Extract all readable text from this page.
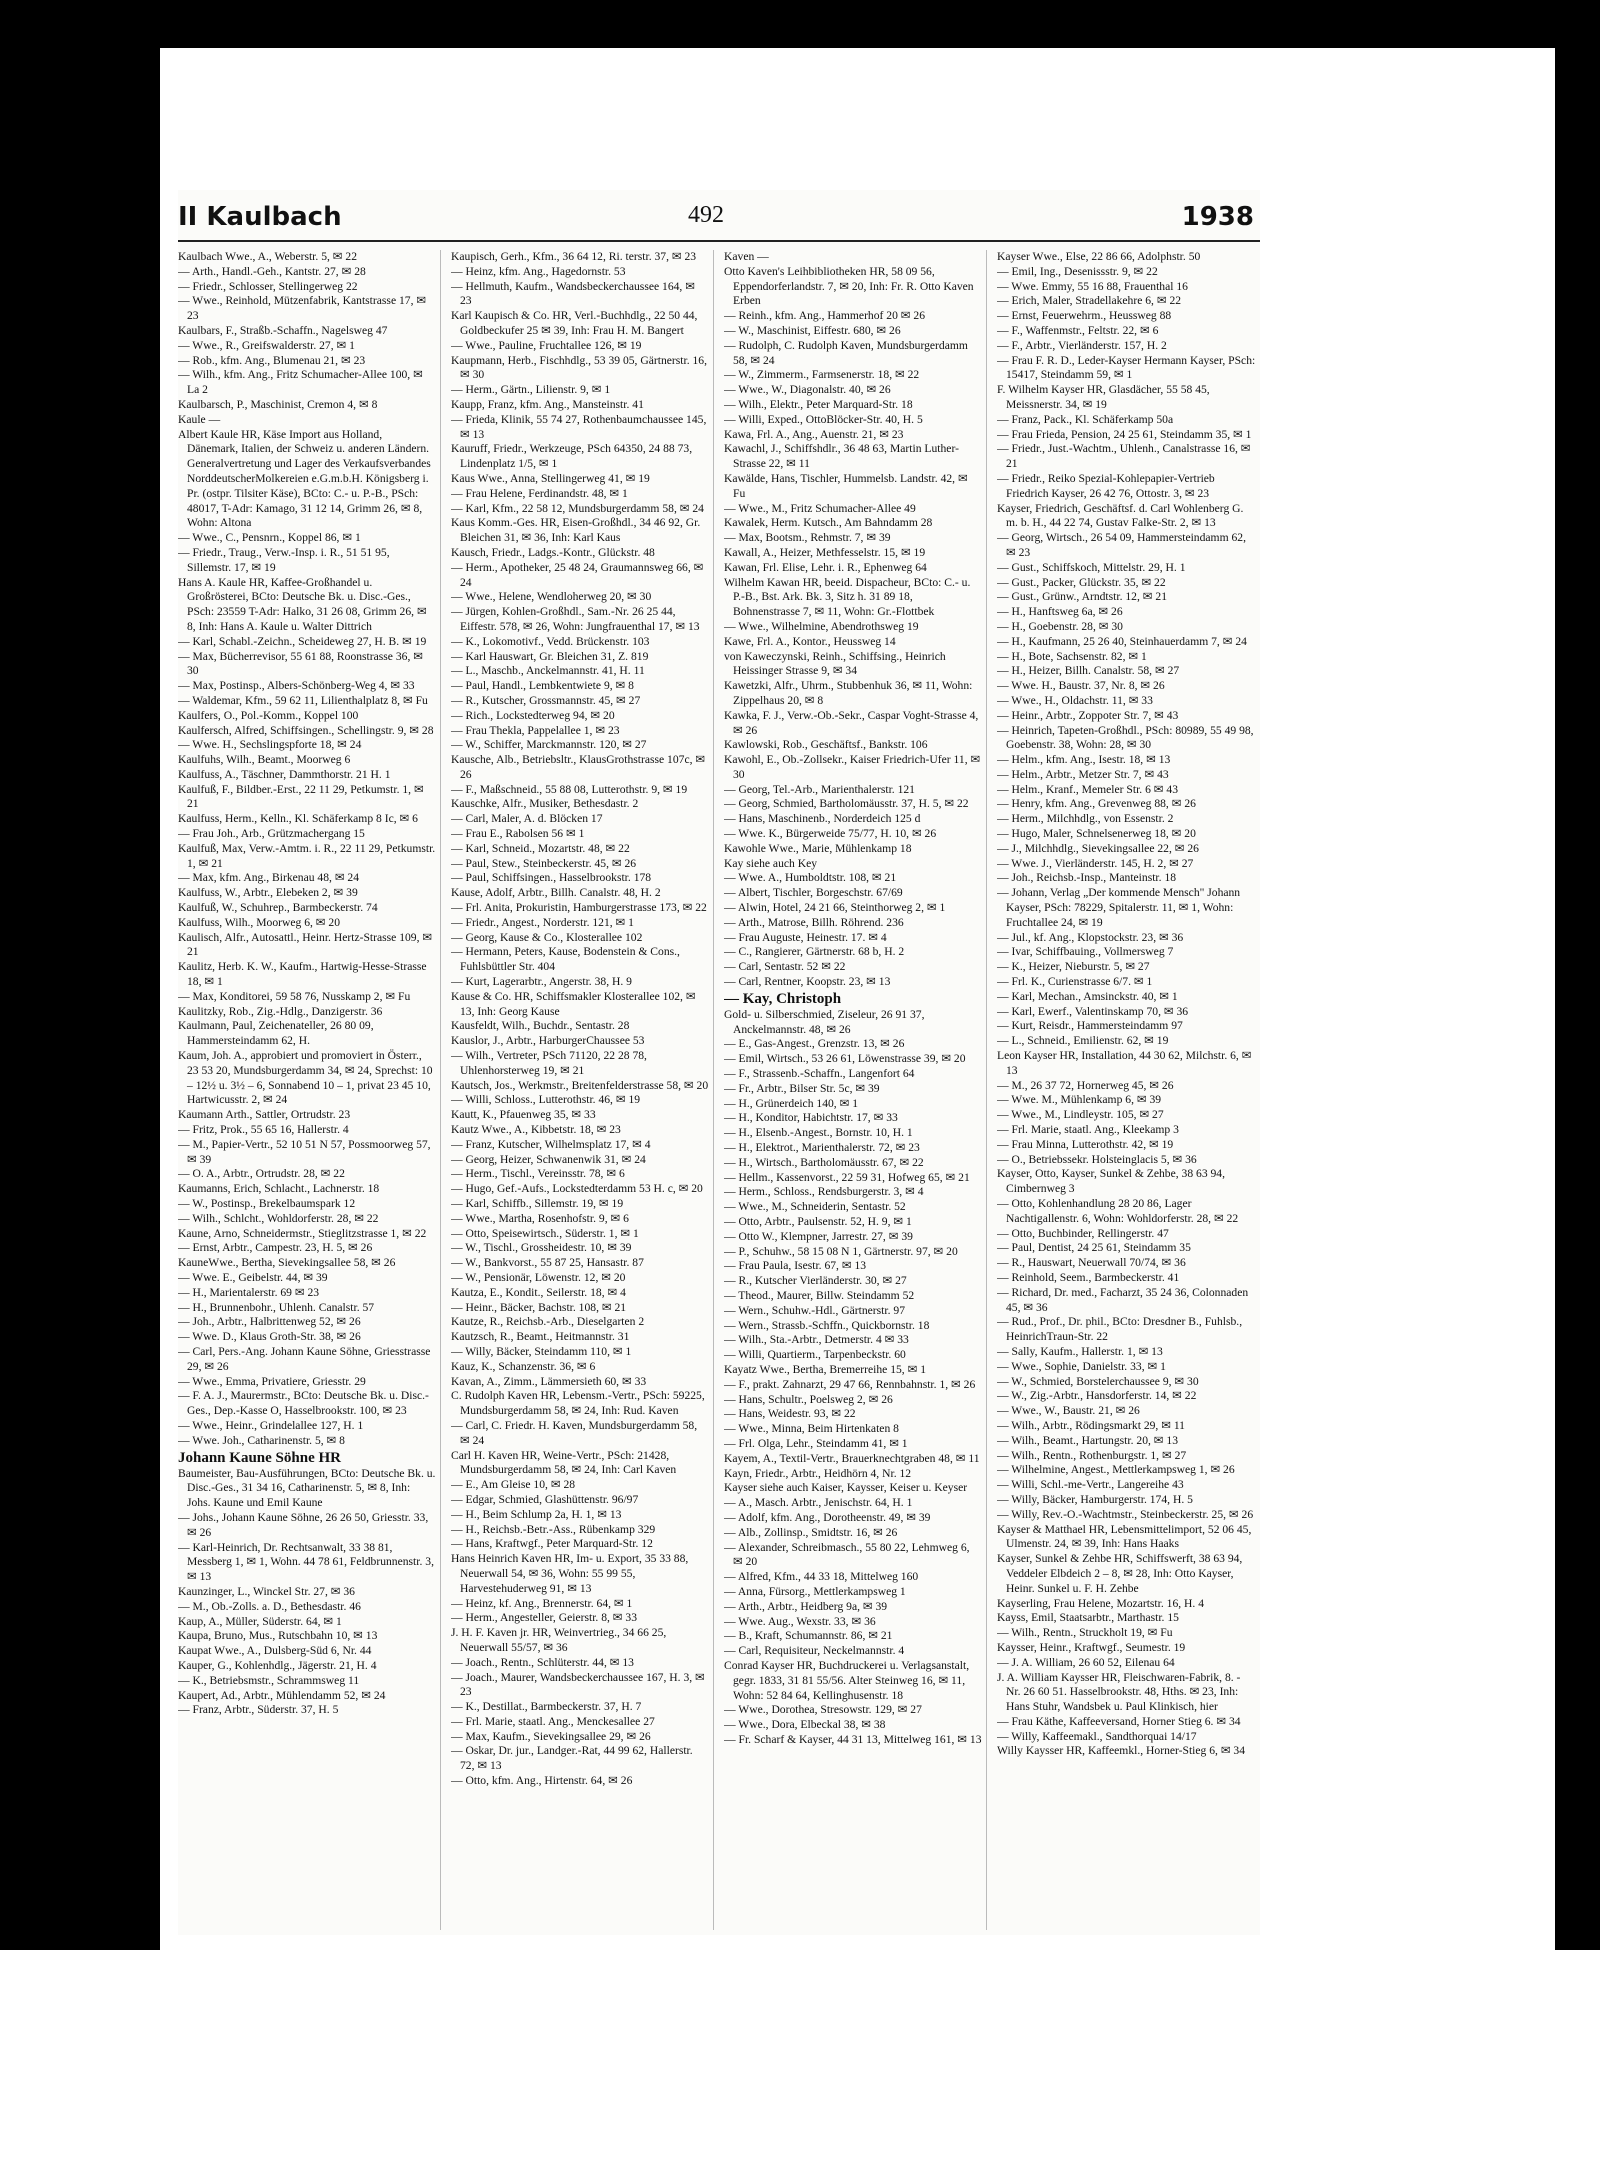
II Kaulbach	492	1938

Kaulbach Wwe., A., Weberstr. 5, ✉ 22

— Arth., Handl.-Geh., Kantstr. 27, ✉ 28

— Friedr., Schlosser, Stellingerweg 22

— Wwe., Reinhold, Mützenfabrik, Kantstrasse 17, ✉ 23

Kaulbars, F., Straßb.-Schaffn., Nagelsweg 47

— Wwe., R., Greifswalderstr. 27, ✉ 1

— Rob., kfm. Ang., Blumenau 21, ✉ 23

— Wilh., kfm. Ang., Fritz Schumacher-Allee 100, ✉ La 2

Kaulbarsch, P., Maschinist, Cremon 4, ✉ 8

Kaule —

Albert Kaule HR, Käse Import aus Holland, Dänemark, Italien, der Schweiz u. anderen Ländern. Generalvertretung und Lager des Verkaufsverbandes NorddeutscherMolkereien e.G.m.b.H. Königsberg i. Pr. (ostpr. Tilsiter Käse), BCto: C.- u. P.-B., PSch: 48017, T-Adr: Kamago, 31 12 14, Grimm 26, ✉ 8, Wohn: Altona

— Wwe., C., Pensnrn., Koppel 86, ✉ 1

— Friedr., Traug., Verw.-Insp. i. R., 51 51 95, Sillemstr. 17, ✉ 19

Hans A. Kaule HR, Kaffee-Großhandel u. Großrösterei, BCto: Deutsche Bk. u. Disc.-Ges., PSch: 23559 T-Adr: Halko, 31 26 08, Grimm 26, ✉ 8, Inh: Hans A. Kaule u. Walter Dittrich

— Karl, Schabl.-Zeichn., Scheideweg 27, H. B. ✉ 19

— Max, Bücherrevisor, 55 61 88, Roonstrasse 36, ✉ 30

— Max, Postinsp., Albers-Schönberg-Weg 4, ✉ 33

— Waldemar, Kfm., 59 62 11, Lilienthalplatz 8, ✉ Fu

Kaulfers, O., Pol.-Komm., Koppel 100

Kaulfersch, Alfred, Schiffsingen., Schellingstr. 9, ✉ 28

— Wwe. H., Sechslingspforte 18, ✉ 24

Kaulfuhs, Wilh., Beamt., Moorweg 6

Kaulfuss, A., Täschner, Dammthorstr. 21 H. 1

Kaulfuß, F., Bildber.-Erst., 22 11 29, Petkumstr. 1, ✉ 21

Kaulfuss, Herm., Kelln., Kl. Schäferkamp 8 Ic, ✉ 6

— Frau Joh., Arb., Grützmachergang 15

Kaulfuß, Max, Verw.-Amtm. i. R., 22 11 29, Petkumstr. 1, ✉ 21

— Max, kfm. Ang., Birkenau 48, ✉ 24

Kaulfuss, W., Arbtr., Elebeken 2, ✉ 39

Kaulfuß, W., Schuhrep., Barmbeckerstr. 74

Kaulfuss, Wilh., Moorweg 6, ✉ 20

Kaulisch, Alfr., Autosattl., Heinr. Hertz-Strasse 109, ✉ 21

Kaulitz, Herb. K. W., Kaufm., Hartwig-Hesse-Strasse 18, ✉ 1

— Max, Konditorei, 59 58 76, Nusskamp 2, ✉ Fu

Kaulitzky, Rob., Zig.-Hdlg., Danzigerstr. 36

Kaulmann, Paul, Zeichenateller, 26 80 09, Hammersteindamm 62, H.

Kaum, Joh. A., approbiert und promoviert in Österr., 23 53 20, Mundsburgerdamm 34, ✉ 24, Sprechst: 10 – 12½ u. 3½ – 6, Sonnabend 10 – 1, privat 23 45 10, Hartwicusstr. 2, ✉ 24

Kaumann Arth., Sattler, Ortrudstr. 23

— Fritz, Prok., 55 65 16, Hallerstr. 4

— M., Papier-Vertr., 52 10 51 N 57, Possmoorweg 57, ✉ 39

— O. A., Arbtr., Ortrudstr. 28, ✉ 22

Kaumanns, Erich, Schlacht., Lachnerstr. 18

— W., Postinsp., Brekelbaumspark 12

— Wilh., Schlcht., Wohldorferstr. 28, ✉ 22

Kaune, Arno, Schneidermstr., Stieglitzstrasse 1, ✉ 22

— Ernst, Arbtr., Campestr. 23, H. 5, ✉ 26

KauneWwe., Bertha, Sievekingsallee 58, ✉ 26

— Wwe. E., Geibelstr. 44, ✉ 39

— H., Marientalerstr. 69 ✉ 23

— H., Brunnenbohr., Uhlenh. Canalstr. 57

— Joh., Arbtr., Halbrittenweg 52, ✉ 26

— Wwe. D., Klaus Groth-Str. 38, ✉ 26

— Carl, Pers.-Ang. Johann Kaune Söhne, Griesstrasse 29, ✉ 26

— Wwe., Emma, Privatiere, Griesstr. 29

— F. A. J., Maurermstr., BCto: Deutsche Bk. u. Disc.-Ges., Dep.-Kasse O, Hasselbrookstr. 100, ✉ 23

— Wwe., Heinr., Grindelallee 127, H. 1

— Wwe. Joh., Catharinenstr. 5, ✉ 8

Johann Kaune Söhne HR

Baumeister, Bau-Ausführungen, BCto: Deutsche Bk. u. Disc.-Ges., 31 34 16, Catharinenstr. 5, ✉ 8, Inh: Johs. Kaune und Emil Kaune

— Johs., Johann Kaune Söhne, 26 26 50, Griesstr. 33, ✉ 26

— Karl-Heinrich, Dr. Rechtsanwalt, 33 38 81, Messberg 1, ✉ 1, Wohn. 44 78 61, Feldbrunnenstr. 3, ✉ 13

Kaunzinger, L., Winckel Str. 27, ✉ 36

— M., Ob.-Zolls. a. D., Bethesdastr. 46

Kaup, A., Müller, Süderstr. 64, ✉ 1

Kaupa, Bruno, Mus., Rutschbahn 10, ✉ 13

Kaupat Wwe., A., Dulsberg-Süd 6, Nr. 44

Kauper, G., Kohlenhdlg., Jägerstr. 21, H. 4

— K., Betriebsmstr., Schrammsweg 11

Kaupert, Ad., Arbtr., Mühlendamm 52, ✉ 24

— Franz, Arbtr., Süderstr. 37, H. 5

Kaupisch, Gerh., Kfm., 36 64 12, Ri. terstr. 37, ✉ 23

— Heinz, kfm. Ang., Hagedornstr. 53

— Hellmuth, Kaufm., Wandsbeckerchaussee 164, ✉ 23

Karl Kaupisch & Co. HR, Verl.-Buchhdlg., 22 50 44, Goldbeckufer 25 ✉ 39, Inh: Frau H. M. Bangert

— Wwe., Pauline, Fruchtallee 126, ✉ 19

Kaupmann, Herb., Fischhdlg., 53 39 05, Gärtnerstr. 16, ✉ 30

— Herm., Gärtn., Lilienstr. 9, ✉ 1

Kaupp, Franz, kfm. Ang., Mansteinstr. 41

— Frieda, Klinik, 55 74 27, Rothenbaumchaussee 145, ✉ 13

Kauruff, Friedr., Werkzeuge, PSch 64350, 24 88 73, Lindenplatz 1/5, ✉ 1

Kaus Wwe., Anna, Stellingerweg 41, ✉ 19

— Frau Helene, Ferdinandstr. 48, ✉ 1

— Karl, Kfm., 22 58 12, Mundsburgerdamm 58, ✉ 24

Kaus Komm.-Ges. HR, Eisen-Großhdl., 34 46 92, Gr. Bleichen 31, ✉ 36, Inh: Karl Kaus

Kausch, Friedr., Ladgs.-Kontr., Glückstr. 48

— Herm., Apotheker, 25 48 24, Graumannsweg 66, ✉ 24

— Wwe., Helene, Wendloherweg 20, ✉ 30

— Jürgen, Kohlen-Großhdl., Sam.-Nr. 26 25 44, Eiffestr. 578, ✉ 26, Wohn: Jungfrauenthal 17, ✉ 13

— K., Lokomotivf., Vedd. Brückenstr. 103

— Karl Hauswart, Gr. Bleichen 31, Z. 819

— L., Maschb., Anckelmannstr. 41, H. 11

— Paul, Handl., Lembkentwiete 9, ✉ 8

— R., Kutscher, Grossmannstr. 45, ✉ 27

— Rich., Lockstedterweg 94, ✉ 20

— Frau Thekla, Pappelallee 1, ✉ 23

— W., Schiffer, Marckmannstr. 120, ✉ 27

Kausche, Alb., Betriebsltr., KlausGrothstrasse 107c, ✉ 26

— F., Maßschneid., 55 88 08, Lutterothstr. 9, ✉ 19

Kauschke, Alfr., Musiker, Bethesdastr. 2

— Carl, Maler, A. d. Blöcken 17

— Frau E., Rabolsen 56 ✉ 1

— Karl, Schneid., Mozartstr. 48, ✉ 22

— Paul, Stew., Steinbeckerstr. 45, ✉ 26

— Paul, Schiffsingen., Hasselbrookstr. 178

Kause, Adolf, Arbtr., Billh. Canalstr. 48, H. 2

— Frl. Anita, Prokuristin, Hamburgerstrasse 173, ✉ 22

— Friedr., Angest., Norderstr. 121, ✉ 1

— Georg, Kause & Co., Klosterallee 102

— Hermann, Peters, Kause, Bodenstein & Cons., Fuhlsbüttler Str. 404

— Kurt, Lagerarbtr., Angerstr. 38, H. 9

Kause & Co. HR, Schiffsmakler Klosterallee 102, ✉ 13, Inh: Georg Kause

Kausfeldt, Wilh., Buchdr., Sentastr. 28

Kauslor, J., Arbtr., HarburgerChaussee 53

— Wilh., Vertreter, PSch 71120, 22 28 78, Uhlenhorsterweg 19, ✉ 21

Kautsch, Jos., Werkmstr., Breitenfelderstrasse 58, ✉ 20

— Willi, Schloss., Lutterothstr. 46, ✉ 19

Kautt, K., Pfauenweg 35, ✉ 33

Kautz Wwe., A., Kibbetstr. 18, ✉ 23

— Franz, Kutscher, Wilhelmsplatz 17, ✉ 4

— Georg, Heizer, Schwanenwik 31, ✉ 24

— Herm., Tischl., Vereinsstr. 78, ✉ 6

— Hugo, Gef.-Aufs., Lockstedterdamm 53 H. c, ✉ 20

— Karl, Schiffb., Sillemstr. 19, ✉ 19

— Wwe., Martha, Rosenhofstr. 9, ✉ 6

— Otto, Speisewirtsch., Süderstr. 1, ✉ 1

— W., Tischl., Grossheidestr. 10, ✉ 39

— W., Bankvorst., 55 87 25, Hansastr. 87

— W., Pensionär, Löwenstr. 12, ✉ 20

Kautza, E., Kondit., Seilerstr. 18, ✉ 4

— Heinr., Bäcker, Bachstr. 108, ✉ 21

Kautze, R., Reichsb.-Arb., Dieselgarten 2

Kautzsch, R., Beamt., Heitmannstr. 31

— Willy, Bäcker, Steindamm 110, ✉ 1

Kauz, K., Schanzenstr. 36, ✉ 6

Kavan, A., Zimm., Lämmersieth 60, ✉ 33

C. Rudolph Kaven HR, Lebensm.-Vertr., PSch: 59225, Mundsburgerdamm 58, ✉ 24, Inh: Rud. Kaven

— Carl, C. Friedr. H. Kaven, Mundsburgerdamm 58, ✉ 24

Carl H. Kaven HR, Weine-Vertr., PSch: 21428, Mundsburgerdamm 58, ✉ 24, Inh: Carl Kaven

— E., Am Gleise 10, ✉ 28

— Edgar, Schmied, Glashüttenstr. 96/97

— H., Beim Schlump 2a, H. 1, ✉ 13

— H., Reichsb.-Betr.-Ass., Rübenkamp 329

— Hans, Kraftwgf., Peter Marquard-Str. 12

Hans Heinrich Kaven HR, Im- u. Export, 35 33 88, Neuerwall 54, ✉ 36, Wohn: 55 99 55, Harvestehuderweg 91, ✉ 13

— Heinz, kf. Ang., Brennerstr. 64, ✉ 1

— Herm., Angesteller, Geierstr. 8, ✉ 33

J. H. F. Kaven jr. HR, Weinvertrieg., 34 66 25, Neuerwall 55/57, ✉ 36

— Joach., Rentn., Schlüterstr. 44, ✉ 13

— Joach., Maurer, Wandsbeckerchaussee 167, H. 3, ✉ 23

— K., Destillat., Barmbeckerstr. 37, H. 7

— Frl. Marie, staatl. Ang., Menckesallee 27

— Max, Kaufm., Sievekingsallee 29, ✉ 26

— Oskar, Dr. jur., Landger.-Rat, 44 99 62, Hallerstr. 72, ✉ 13

— Otto, kfm. Ang., Hirtenstr. 64, ✉ 26

Kaven —

Otto Kaven's Leihbibliotheken HR, 58 09 56, Eppendorferlandstr. 7, ✉ 20, Inh: Fr. R. Otto Kaven Erben

— Reinh., kfm. Ang., Hammerhof 20 ✉ 26

— W., Maschinist, Eiffestr. 680, ✉ 26

— Rudolph, C. Rudolph Kaven, Mundsburgerdamm 58, ✉ 24

— W., Zimmerm., Farmsenerstr. 18, ✉ 22

— Wwe., W., Diagonalstr. 40, ✉ 26

— Wilh., Elektr., Peter Marquard-Str. 18

— Willi, Exped., OttoBlöcker-Str. 40, H. 5

Kawa, Frl. A., Ang., Auenstr. 21, ✉ 23

Kawachl, J., Schiffshdlr., 36 48 63, Martin Luther-Strasse 22, ✉ 11

Kawälde, Hans, Tischler, Hummelsb. Landstr. 42, ✉ Fu

— Wwe., M., Fritz Schumacher-Allee 49

Kawalek, Herm. Kutsch., Am Bahndamm 28

— Max, Bootsm., Rehmstr. 7, ✉ 39

Kawall, A., Heizer, Methfesselstr. 15, ✉ 19

Kawan, Frl. Elise, Lehr. i. R., Ephenweg 64

Wilhelm Kawan HR, beeid. Dispacheur, BCto: C.- u. P.-B., Bst. Ark. Bk. 3, Sitz h. 31 89 18, Bohnenstrasse 7, ✉ 11, Wohn: Gr.-Flottbek

— Wwe., Wilhelmine, Abendrothsweg 19

Kawe, Frl. A., Kontor., Heussweg 14

von Kaweczynski, Reinh., Schiffsing., Heinrich Heissinger Strasse 9, ✉ 34

Kawetzki, Alfr., Uhrm., Stubbenhuk 36, ✉ 11, Wohn: Zippelhaus 20, ✉ 8

Kawka, F. J., Verw.-Ob.-Sekr., Caspar Voght-Strasse 4, ✉ 26

Kawlowski, Rob., Geschäftsf., Bankstr. 106

Kawohl, E., Ob.-Zollsekr., Kaiser Friedrich-Ufer 11, ✉ 30

— Georg, Tel.-Arb., Marienthalerstr. 121

— Georg, Schmied, Bartholomäusstr. 37, H. 5, ✉ 22

— Hans, Maschinenb., Norderdeich 125 d

— Wwe. K., Bürgerweide 75/77, H. 10, ✉ 26

Kawohle Wwe., Marie, Mühlenkamp 18

Kay siehe auch Key

— Wwe. A., Humboldtstr. 108, ✉ 21

— Albert, Tischler, Borgeschstr. 67/69

— Alwin, Hotel, 24 21 66, Steinthorweg 2, ✉ 1

— Arth., Matrose, Billh. Röhrend. 236

— Frau Auguste, Heinestr. 17. ✉ 4

— C., Rangierer, Gärtnerstr. 68 b, H. 2

— Carl, Sentastr. 52 ✉ 22

— Carl, Rentner, Koopstr. 23, ✉ 13

— Kay, Christoph

Gold- u. Silberschmied, Ziseleur, 26 91 37, Anckelmannstr. 48, ✉ 26

— E., Gas-Angest., Grenzstr. 13, ✉ 26

— Emil, Wirtsch., 53 26 61, Löwenstrasse 39, ✉ 20

— F., Strassenb.-Schaffn., Langenfort 64

— Fr., Arbtr., Bilser Str. 5c, ✉ 39

— H., Grünerdeich 140, ✉ 1

— H., Konditor, Habichtstr. 17, ✉ 33

— H., Elsenb.-Angest., Bornstr. 10, H. 1

— H., Elektrot., Marienthalerstr. 72, ✉ 23

— H., Wirtsch., Bartholomäusstr. 67, ✉ 22

— Hellm., Kassenvorst., 22 59 31, Hofweg 65, ✉ 21

— Herm., Schloss., Rendsburgerstr. 3, ✉ 4

— Wwe., M., Schneiderin, Sentastr. 52

— Otto, Arbtr., Paulsenstr. 52, H. 9, ✉ 1

— Otto W., Klempner, Jarrestr. 27, ✉ 39

— P., Schuhw., 58 15 08 N 1, Gärtnerstr. 97, ✉ 20

— Frau Paula, Isestr. 67, ✉ 13

— R., Kutscher Vierländerstr. 30, ✉ 27

— Theod., Maurer, Billw. Steindamm 52

— Wern., Schuhw.-Hdl., Gärtnerstr. 97

— Wern., Strassb.-Schffn., Quickbornstr. 18

— Wilh., Sta.-Arbtr., Detmerstr. 4 ✉ 33

— Willi, Quartierm., Tarpenbeckstr. 60

Kayatz Wwe., Bertha, Bremerreihe 15, ✉ 1

— F., prakt. Zahnarzt, 29 47 66, Rennbahnstr. 1, ✉ 26

— Hans, Schultr., Poelsweg 2, ✉ 26

— Hans, Weidestr. 93, ✉ 22

— Wwe., Minna, Beim Hirtenkaten 8

— Frl. Olga, Lehr., Steindamm 41, ✉ 1

Kayem, A., Textil-Vertr., Brauerknechtgraben 48, ✉ 11

Kayn, Friedr., Arbtr., Heidhörn 4, Nr. 12

Kayser siehe auch Kaiser, Kaysser, Keiser u. Keyser

— A., Masch. Arbtr., Jenischstr. 64, H. 1

— Adolf, kfm. Ang., Dorotheenstr. 49, ✉ 39

— Alb., Zollinsp., Smidtstr. 16, ✉ 26

— Alexander, Schreibmasch., 55 80 22, Lehmweg 6, ✉ 20

— Alfred, Kfm., 44 33 18, Mittelweg 160

— Anna, Fürsorg., Mettlerkampsweg 1

— Arth., Arbtr., Heidberg 9a, ✉ 39

— Wwe. Aug., Wexstr. 33, ✉ 36

— B., Kraft, Schumannstr. 86, ✉ 21

— Carl, Requisiteur, Neckelmannstr. 4

Conrad Kayser HR, Buchdruckerei u. Verlagsanstalt, gegr. 1833, 31 81 55/56. Alter Steinweg 16, ✉ 11, Wohn: 52 84 64, Kellinghusenstr. 18

— Wwe., Dorothea, Stresowstr. 129, ✉ 27

— Wwe., Dora, Elbeckal 38, ✉ 38

— Fr. Scharf & Kayser, 44 31 13, Mittelweg 161, ✉ 13

Kayser Wwe., Else, 22 86 66, Adolphstr. 50

— Emil, Ing., Desenissstr. 9, ✉ 22

— Wwe. Emmy, 55 16 88, Frauenthal 16

— Erich, Maler, Stradellakehre 6, ✉ 22

— Ernst, Feuerwehrm., Heussweg 88

— F., Waffenmstr., Feltstr. 22, ✉ 6

— F., Arbtr., Vierländerstr. 157, H. 2

— Frau F. R. D., Leder-Kayser Hermann Kayser, PSch: 15417, Steindamm 59, ✉ 1

F. Wilhelm Kayser HR, Glasdächer, 55 58 45, Meissnerstr. 34, ✉ 19

— Franz, Pack., Kl. Schäferkamp 50a

— Frau Frieda, Pension, 24 25 61, Steindamm 35, ✉ 1

— Friedr., Just.-Wachtm., Uhlenh., Canalstrasse 16, ✉ 21

— Friedr., Reiko Spezial-Kohlepapier-Vertrieb Friedrich Kayser, 26 42 76, Ottostr. 3, ✉ 23

Kayser, Friedrich, Geschäftsf. d. Carl Wohlenberg G. m. b. H., 44 22 74, Gustav Falke-Str. 2, ✉ 13

— Georg, Wirtsch., 26 54 09, Hammersteindamm 62, ✉ 23

— Gust., Schiffskoch, Mittelstr. 29, H. 1

— Gust., Packer, Glückstr. 35, ✉ 22

— Gust., Grünw., Arndtstr. 12, ✉ 21

— H., Hanftsweg 6a, ✉ 26

— H., Goebenstr. 28, ✉ 30

— H., Kaufmann, 25 26 40, Steinhauerdamm 7, ✉ 24

— H., Bote, Sachsenstr. 82, ✉ 1

— H., Heizer, Billh. Canalstr. 58, ✉ 27

— Wwe. H., Baustr. 37, Nr. 8, ✉ 26

— Wwe., H., Oldachstr. 11, ✉ 33

— Heinr., Arbtr., Zoppoter Str. 7, ✉ 43

— Heinrich, Tapeten-Großhdl., PSch: 80989, 55 49 98, Goebenstr. 38, Wohn: 28, ✉ 30

— Helm., kfm. Ang., Isestr. 18, ✉ 13

— Helm., Arbtr., Metzer Str. 7, ✉ 43

— Helm., Kranf., Memeler Str. 6 ✉ 43

— Henry, kfm. Ang., Grevenweg 88, ✉ 26

— Herm., Milchhdlg., von Essenstr. 2

— Hugo, Maler, Schnelsenerweg 18, ✉ 20

— J., Milchhdlg., Sievekingsallee 22, ✉ 26

— Wwe. J., Vierländerstr. 145, H. 2, ✉ 27

— Joh., Reichsb.-Insp., Manteinstr. 18

— Johann, Verlag „Der kommende Mensch" Johann Kayser, PSch: 78229, Spitalerstr. 11, ✉ 1, Wohn: Fruchtallee 24, ✉ 19

— Jul., kf. Ang., Klopstockstr. 23, ✉ 36

— Ivar, Schiffbauing., Vollmersweg 7

— K., Heizer, Nieburstr. 5, ✉ 27

— Frl. K., Curienstrasse 6/7. ✉ 1

— Karl, Mechan., Amsinckstr. 40, ✉ 1

— Karl, Ewerf., Valentinskamp 70, ✉ 36

— Kurt, Reisdr., Hammersteindamm 97

— L., Schneid., Emilienstr. 62, ✉ 19

Leon Kayser HR, Installation, 44 30 62, Milchstr. 6, ✉ 13

— M., 26 37 72, Hornerweg 45, ✉ 26

— Wwe. M., Mühlenkamp 6, ✉ 39

— Wwe., M., Lindleystr. 105, ✉ 27

— Frl. Marie, staatl. Ang., Kleekamp 3

— Frau Minna, Lutterothstr. 42, ✉ 19

— O., Betriebssekr. Holsteinglacis 5, ✉ 36

Kayser, Otto, Kayser, Sunkel & Zehbe, 38 63 94, Cimbernweg 3

— Otto, Kohlenhandlung 28 20 86, Lager Nachtigallenstr. 6, Wohn: Wohldorferstr. 28, ✉ 22

— Otto, Buchbinder, Rellingerstr. 47

— Paul, Dentist, 24 25 61, Steindamm 35

— R., Hauswart, Neuerwall 70/74, ✉ 36

— Reinhold, Seem., Barmbeckerstr. 41

— Richard, Dr. med., Facharzt, 35 24 36, Colonnaden 45, ✉ 36

— Rud., Prof., Dr. phil., BCto: Dresdner B., Fuhlsb., HeinrichTraun-Str. 22

— Sally, Kaufm., Hallerstr. 1, ✉ 13

— Wwe., Sophie, Danielstr. 33, ✉ 1

— W., Schmied, Borstelerchaussee 9, ✉ 30

— W., Zig.-Arbtr., Hansdorferstr. 14, ✉ 22

— Wwe., W., Baustr. 21, ✉ 26

— Wilh., Arbtr., Rödingsmarkt 29, ✉ 11

— Wilh., Beamt., Hartungstr. 20, ✉ 13

— Wilh., Rentn., Rothenburgstr. 1, ✉ 27

— Wilhelmine, Angest., Mettlerkampsweg 1, ✉ 26

— Willi, Schl.-me-Vertr., Langereihe 43

— Willy, Bäcker, Hamburgerstr. 174, H. 5

— Willy, Rev.-O.-Wachtmstr., Steinbeckerstr. 25, ✉ 26

Kayser & Matthael HR, Lebensmittelimport, 52 06 45, Ulmenstr. 24, ✉ 39, Inh: Hans Haaks

Kayser, Sunkel & Zehbe HR, Schiffswerft, 38 63 94, Veddeler Elbdeich 2 – 8, ✉ 28, Inh: Otto Kayser, Heinr. Sunkel u. F. H. Zehbe

Kayserling, Frau Helene, Mozartstr. 16, H. 4

Kayss, Emil, Staatsarbtr., Marthastr. 15

— Wilh., Rentn., Struckholt 19, ✉ Fu

Kaysser, Heinr., Kraftwgf., Seumestr. 19

— J. A. William, 26 60 52, Eilenau 64

J. A. William Kaysser HR, Fleischwaren-Fabrik, 8. - Nr. 26 60 51. Hasselbrookstr. 48, Hths. ✉ 23, Inh: Hans Stuhr, Wandsbek u. Paul Klinkisch, hier

— Frau Käthe, Kaffeeversand, Horner Stieg 6. ✉ 34

— Willy, Kaffeemakl., Sandthorquai 14/17

Willy Kaysser HR, Kaffeemkl., Horner-Stieg 6, ✉ 34
